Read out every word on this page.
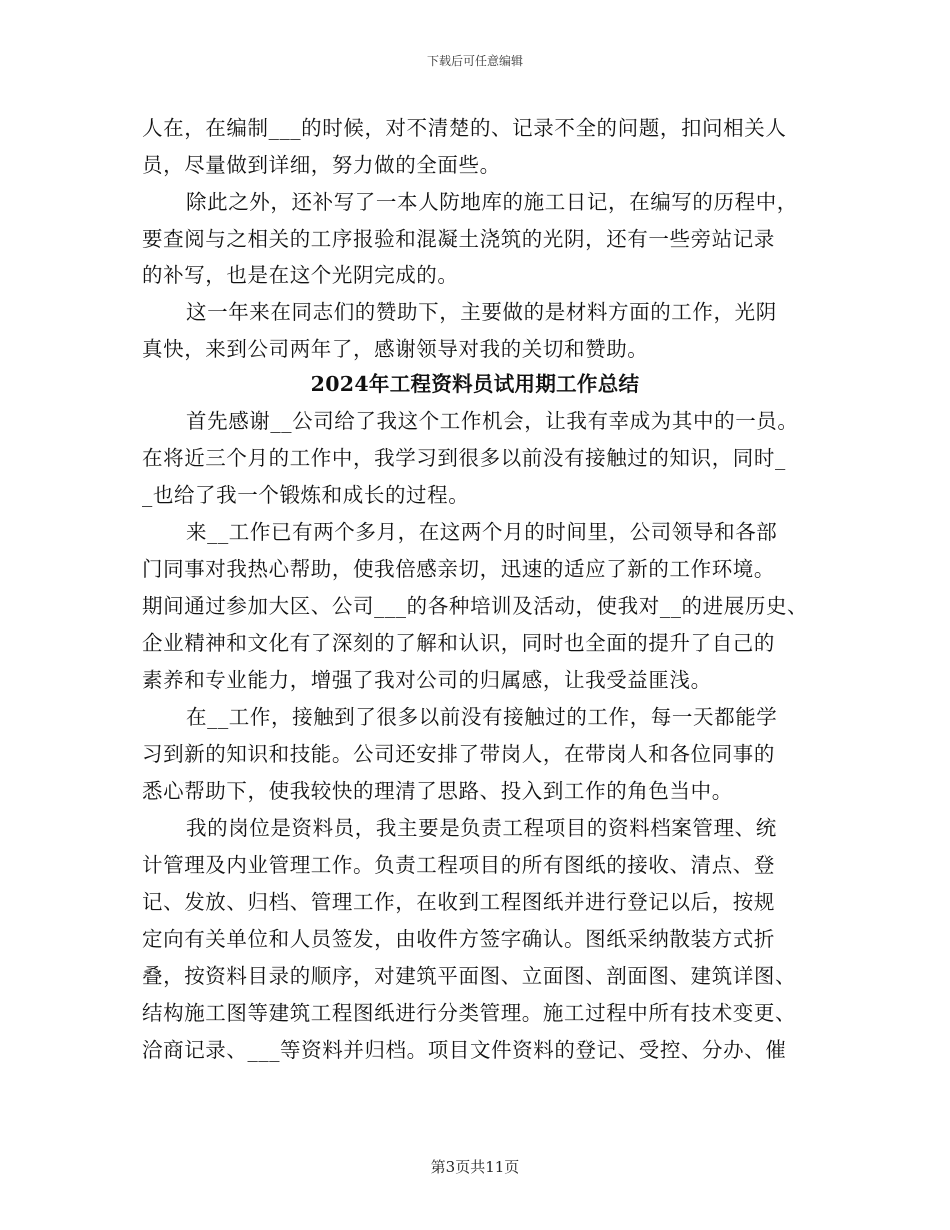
下载后可任意编辑
人在，在编制___的时候，对不清楚的、记录不全的问题，扣问相关人
员，尽量做到详细，努力做的全面些。
除此之外，还补写了一本人防地库的施工日记，在编写的历程中，
要查阅与之相关的工序报验和混凝土浇筑的光阴，还有一些旁站记录
的补写，也是在这个光阴完成的。
这一年来在同志们的赞助下，主要做的是材料方面的工作，光阴
真快，来到公司两年了，感谢领导对我的关切和赞助。
2024年工程资料员试用期工作总结
首先感谢__公司给了我这个工作机会，让我有幸成为其中的一员。
在将近三个月的工作中，我学习到很多以前没有接触过的知识，同时_
_也给了我一个锻炼和成长的过程。
来__工作已有两个多月，在这两个月的时间里，公司领导和各部
门同事对我热心帮助，使我倍感亲切，迅速的适应了新的工作环境。
期间通过参加大区、公司___的各种培训及活动，使我对__的进展历史、
企业精神和文化有了深刻的了解和认识，同时也全面的提升了自己的
素养和专业能力，增强了我对公司的归属感，让我受益匪浅。
在__工作，接触到了很多以前没有接触过的工作，每一天都能学
习到新的知识和技能。公司还安排了带岗人，在带岗人和各位同事的
悉心帮助下，使我较快的理清了思路、投入到工作的角色当中。
我的岗位是资料员，我主要是负责工程项目的资料档案管理、统
计管理及内业管理工作。负责工程项目的所有图纸的接收、清点、登
记、发放、归档、管理工作，在收到工程图纸并进行登记以后，按规
定向有关单位和人员签发，由收件方签字确认。图纸采纳散装方式折
叠，按资料目录的顺序，对建筑平面图、立面图、剖面图、建筑详图、
结构施工图等建筑工程图纸进行分类管理。施工过程中所有技术变更、
洽商记录、___等资料并归档。项目文件资料的登记、受控、分办、催
第3页共11页
